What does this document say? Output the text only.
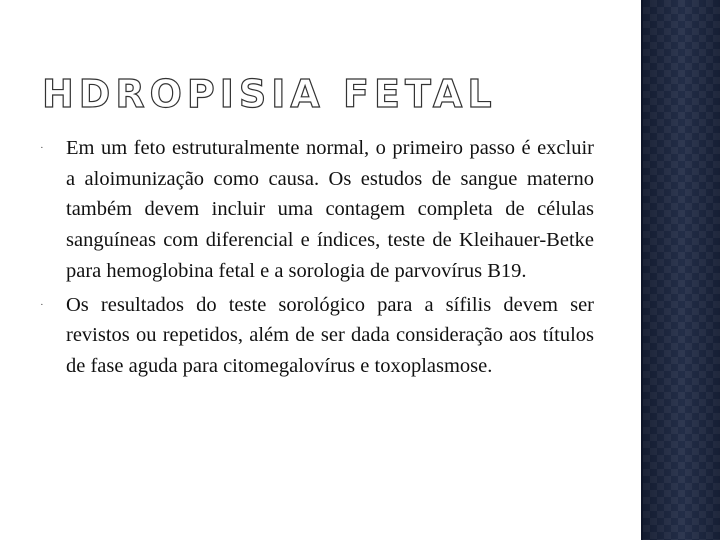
HDROPISIA FETAL
·	Em um feto estruturalmente normal, o primeiro passo é excluir a aloimunização como causa. Os estudos de sangue materno também devem incluir uma contagem completa de células sanguíneas com diferencial e índices, teste de Kleihauer-Betke para hemoglobina fetal e a sorologia de parvovírus B19.
·	Os resultados do teste sorológico para a sífilis devem ser revistos ou repetidos, além de ser dada consideração aos títulos de fase aguda para citomegalovírus e toxoplasmose.
